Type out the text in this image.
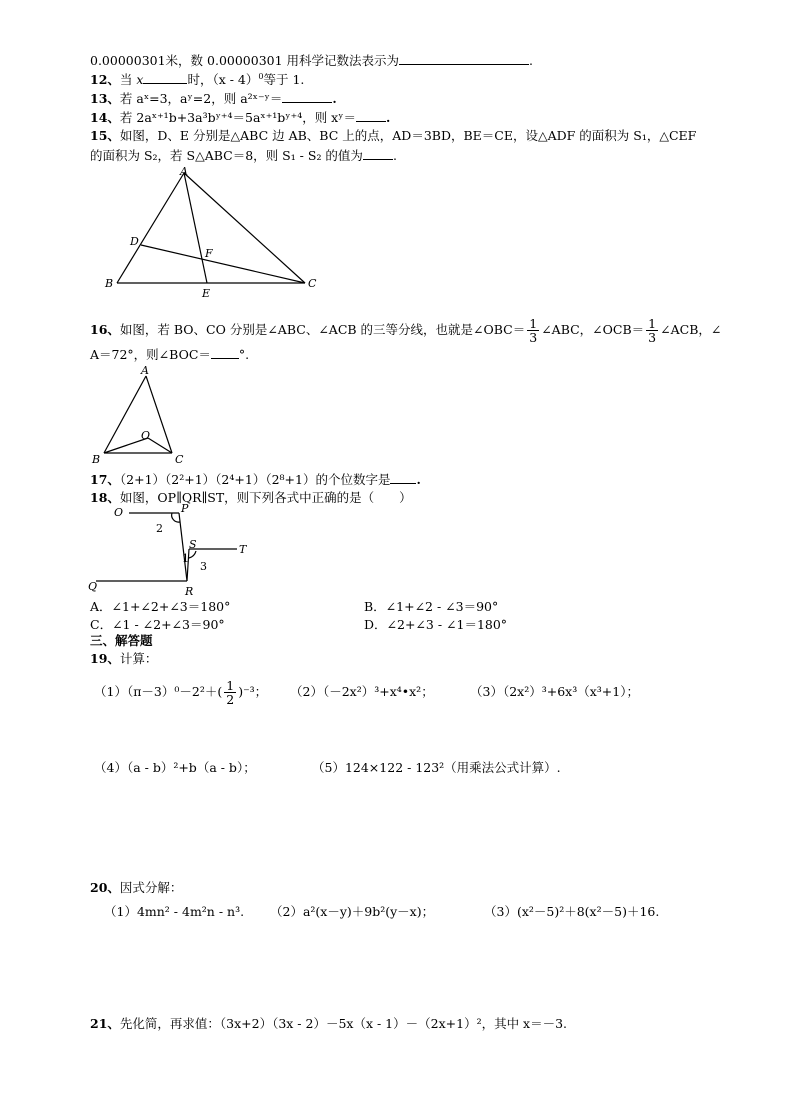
0.00000301米，数 0.00000301 用科学记数法表示为	.
12、当 x	时，（x - 4）$^0$等于 1.
13、若 aˣ=3，aʸ=2，则 a²ˣ⁻ʸ＝	.
14、若 2aˣ⁺¹b+3a³bʸ⁺⁴＝5aˣ⁺¹bʸ⁺⁴，则 xʸ＝ .
15、如图，D、E 分别是△ABC 边 AB、BC 上的点，AD＝3BD，BE＝CE，设△ADF 的面积为 S₁，△CEF
的面积为 S₂，若 S△ABC＝8，则 S₁ - S₂ 的值为 .
A
D
F
B
E
C
16、如图，若 BO、CO 分别是∠ABC、∠ACB 的三等分线，也就是∠OBC＝ $\frac{1}{3}$ ∠ABC，∠OCB＝ $\frac{1}{3}$ ∠ACB，∠
A＝72°，则∠BOC＝ °.
A
O
B	C
17、（2+1）（2²+1）（2⁴+1）（2⁸+1）的个位数字是 .
18、如图，OP∥QR∥ST，则下列各式中正确的是（　　）
O	P
2
S	T
1
3
Q	R
A．∠1+∠2+∠3＝180°	B．∠1+∠2 - ∠3＝90°
C．∠1 - ∠2+∠3＝90°	D．∠2+∠3 - ∠1＝180°
三、解答题
19、计算：
$(1)(\pi-3)^0-2^2+( \frac{1}{2} )^{-3}$； （2）（－2x²）³+x⁴•x²；	（3）（2x²）³+6x³（x³+1）；
（4）（a - b）²+b（a - b）；	（5）124×122 - 123²（用乘法公式计算）.
20、因式分解：
（1）4mn² - 4m²n - n³. （2）a²(x－y)＋9b²(y－x)；	（3）(x²－5)²＋8(x²－5)＋16.
21、先化简，再求值：（3x+2）（3x - 2）－5x（x - 1）－（2x+1）²，其中 x＝－3.
